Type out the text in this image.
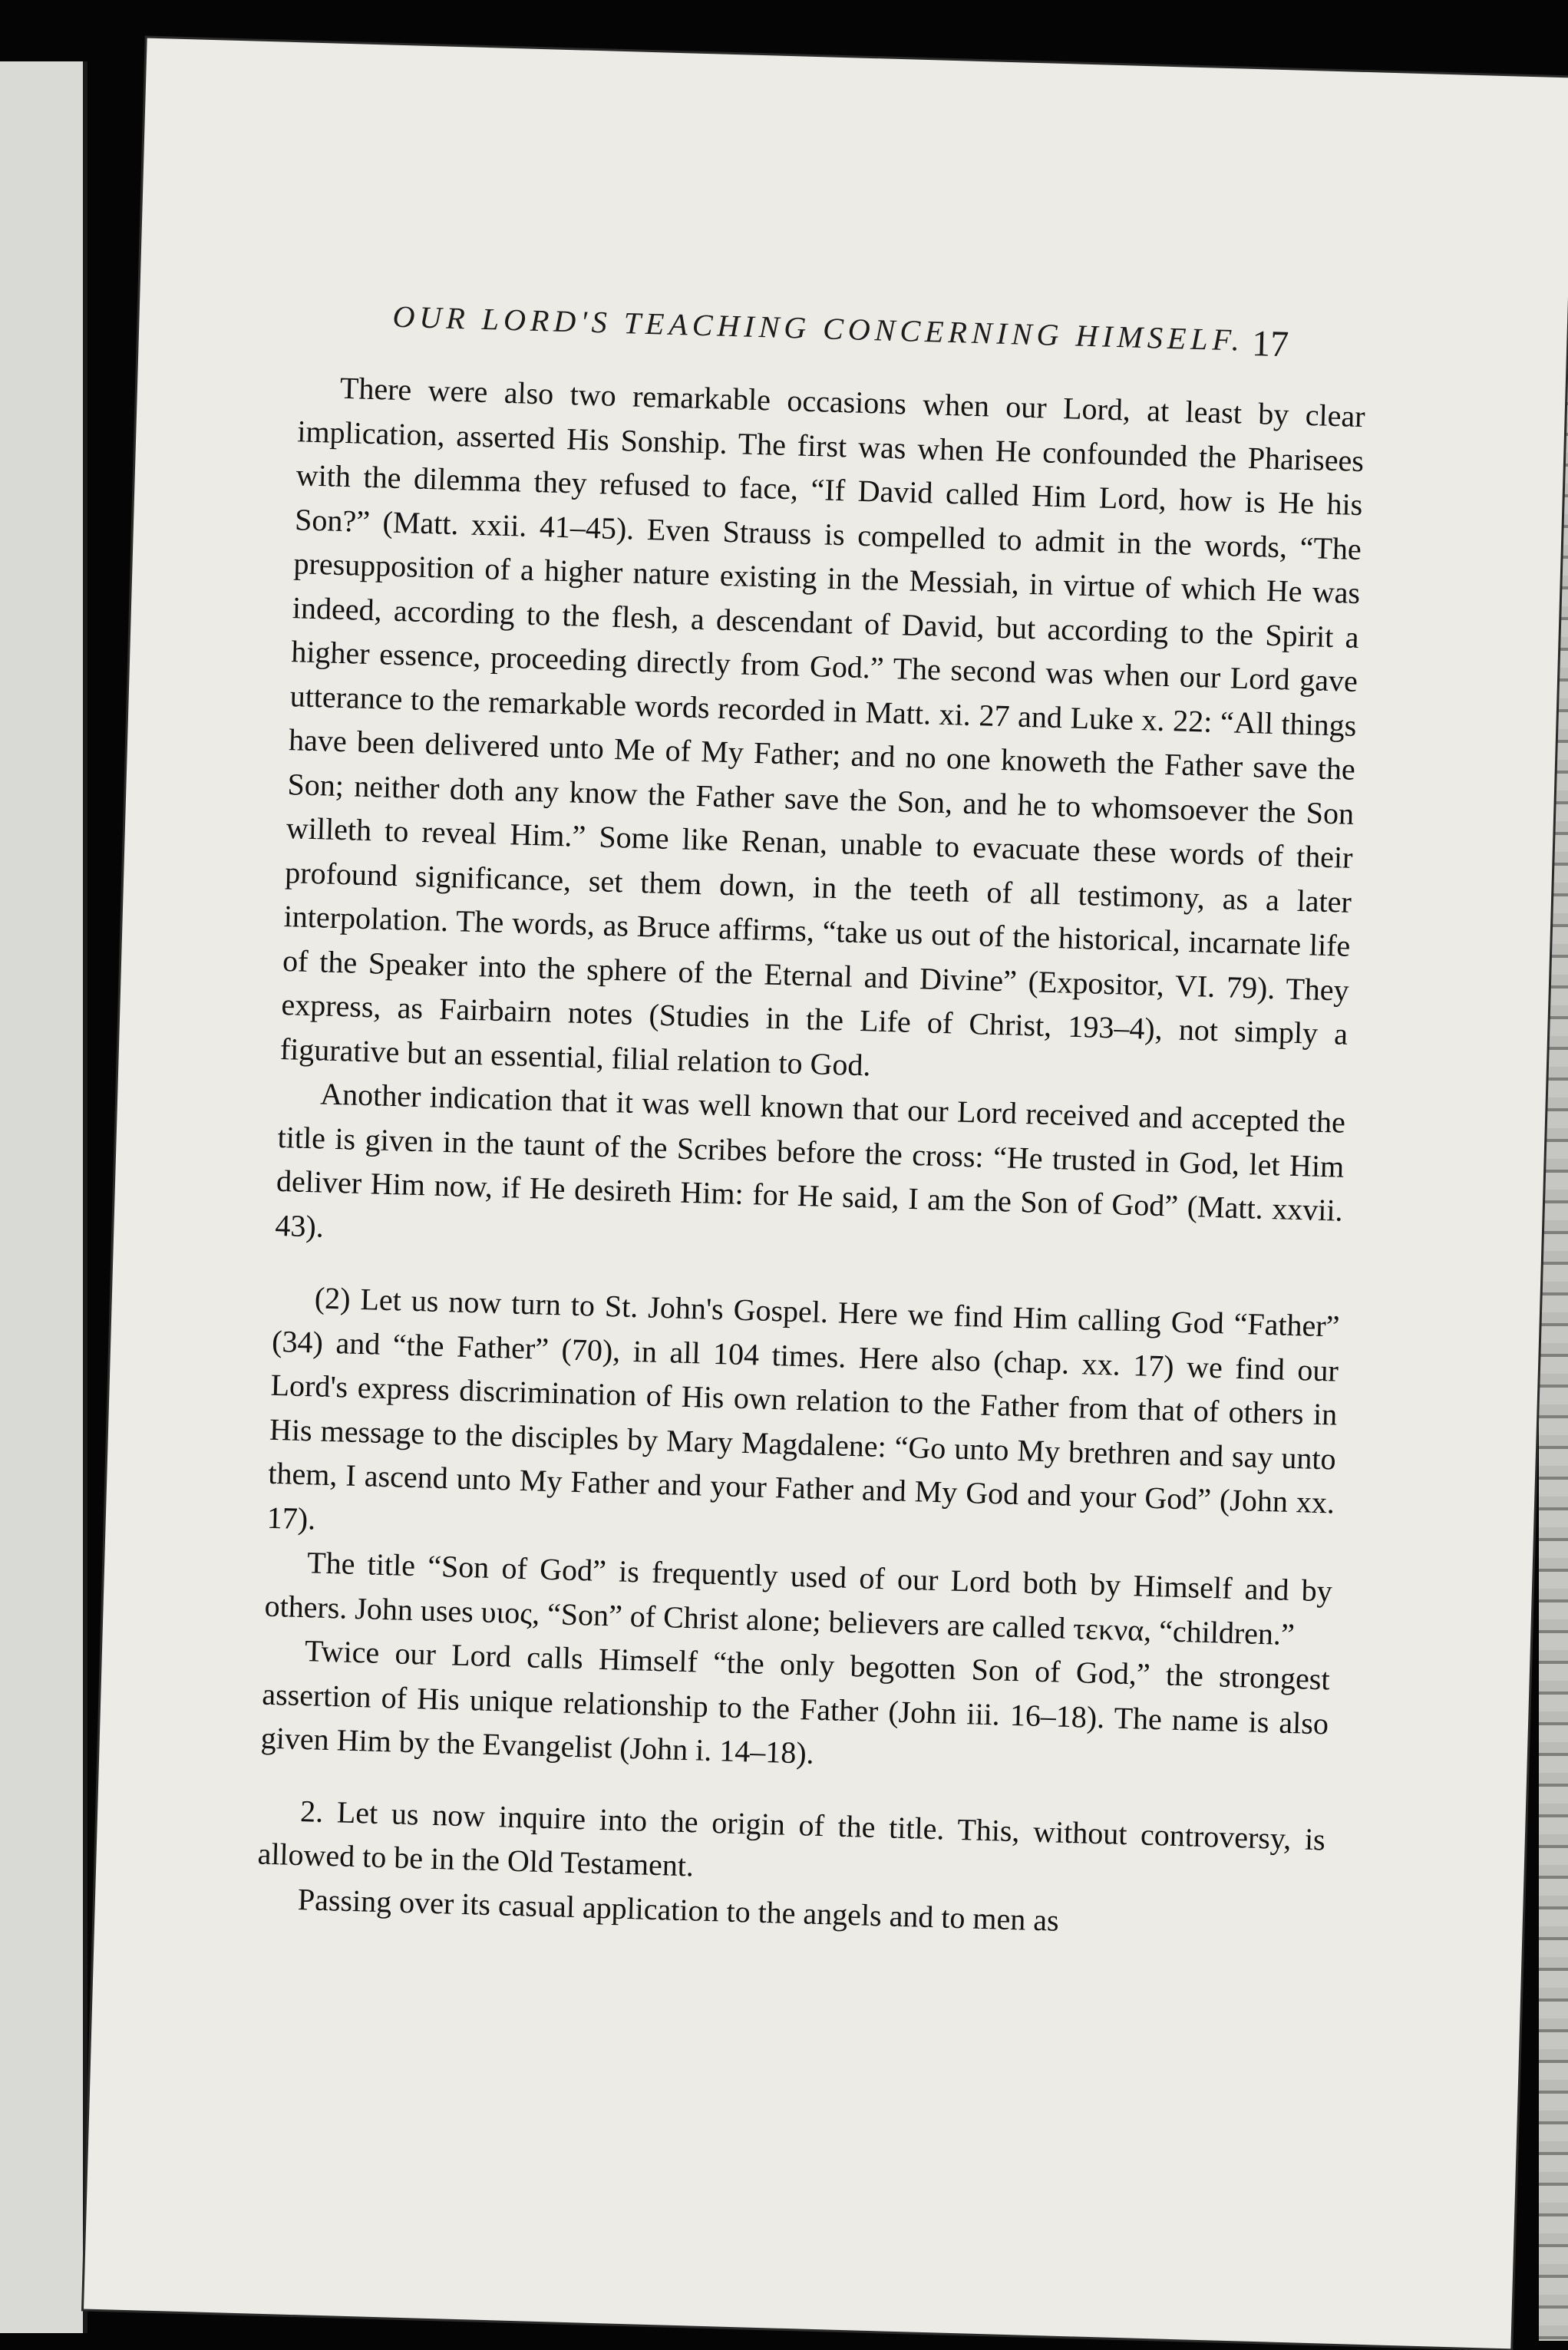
OUR LORD'S TEACHING CONCERNING HIMSELF. 17

There were also two remarkable occasions when our Lord, at least by clear implication, asserted His Sonship. The first was when He confounded the Pharisees with the dilemma they refused to face, “If David called Him Lord, how is He his Son?” (Matt. xxii. 41–45). Even Strauss is compelled to admit in the words, “The presupposition of a higher nature existing in the Messiah, in virtue of which He was indeed, according to the flesh, a descendant of David, but according to the Spirit a higher essence, proceeding directly from God.” The second was when our Lord gave utterance to the remarkable words recorded in Matt. xi. 27 and Luke x. 22: “All things have been delivered unto Me of My Father; and no one knoweth the Father save the Son; neither doth any know the Father save the Son, and he to whomsoever the Son willeth to reveal Him.” Some like Renan, unable to evacuate these words of their profound significance, set them down, in the teeth of all testimony, as a later interpolation. The words, as Bruce affirms, “take us out of the historical, incarnate life of the Speaker into the sphere of the Eternal and Divine” (Expositor, VI. 79). They express, as Fairbairn notes (Studies in the Life of Christ, 193–4), not simply a figurative but an essential, filial relation to God.

Another indication that it was well known that our Lord received and accepted the title is given in the taunt of the Scribes before the cross: “He trusted in God, let Him deliver Him now, if He desireth Him: for He said, I am the Son of God” (Matt. xxvii. 43).

(2) Let us now turn to St. John's Gospel. Here we find Him calling God “Father” (34) and “the Father” (70), in all 104 times. Here also (chap. xx. 17) we find our Lord's express discrimination of His own relation to the Father from that of others in His message to the disciples by Mary Magdalene: “Go unto My brethren and say unto them, I ascend unto My Father and your Father and My God and your God” (John xx. 17).

The title “Son of God” is frequently used of our Lord both by Himself and by others. John uses υιος, “Son” of Christ alone; believers are called τεκνα, “children.”

Twice our Lord calls Himself “the only begotten Son of God,” the strongest assertion of His unique relationship to the Father (John iii. 16–18). The name is also given Him by the Evangelist (John i. 14–18).

2. Let us now inquire into the origin of the title. This, without controversy, is allowed to be in the Old Testament.

Passing over its casual application to the angels and to men as
